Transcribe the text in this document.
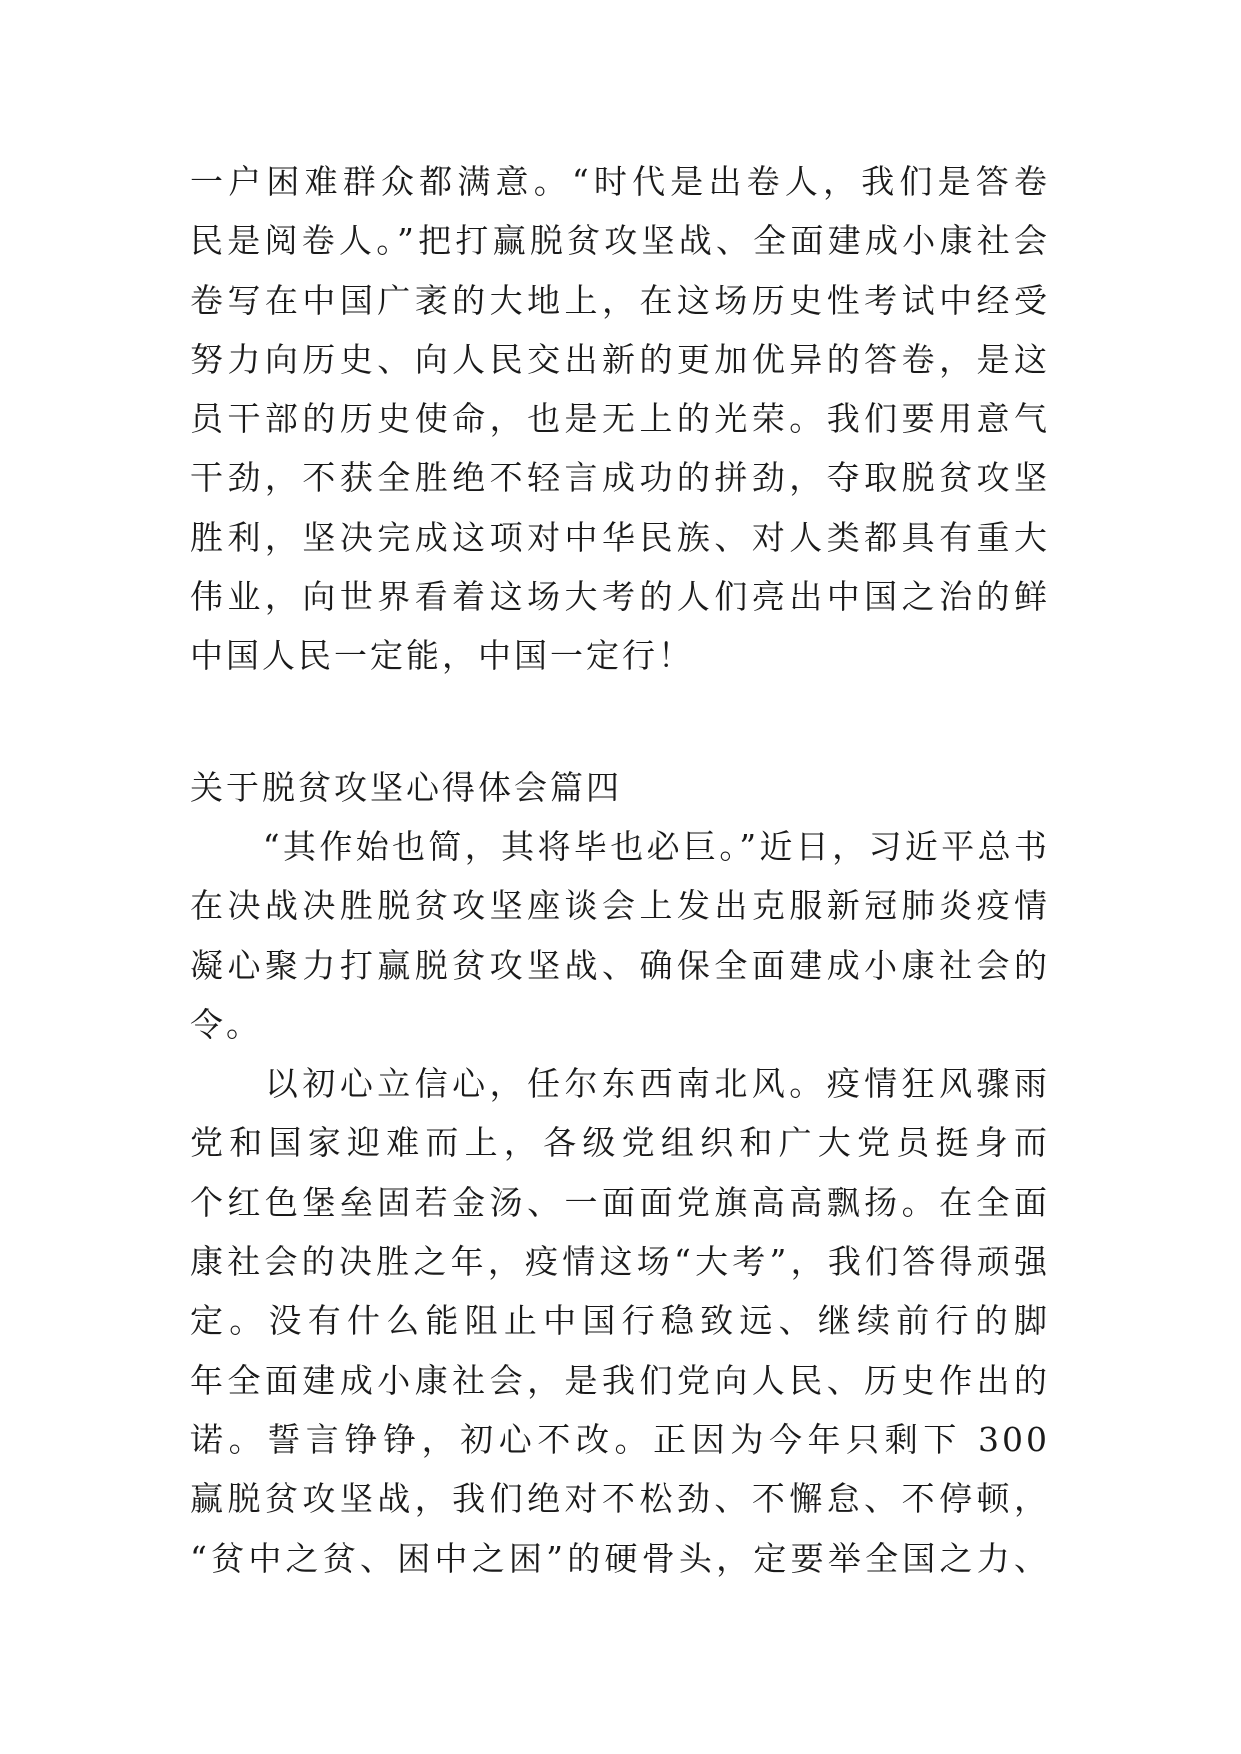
一户困难群众都满意。“时代是出卷人，我们是答卷
民是阅卷人。”把打赢脱贫攻坚战、全面建成小康社会
卷写在中国广袤的大地上，在这场历史性考试中经受
努力向历史、向人民交出新的更加优异的答卷，是这
员干部的历史使命，也是无上的光荣。我们要用意气
干劲，不获全胜绝不轻言成功的拼劲，夺取脱贫攻坚
胜利，坚决完成这项对中华民族、对人类都具有重大
伟业，向世界看着这场大考的人们亮出中国之治的鲜
中国人民一定能，中国一定行！
关于脱贫攻坚心得体会篇四
　　“其作始也简，其将毕也必巨。”近日，习近平总书
在决战决胜脱贫攻坚座谈会上发出克服新冠肺炎疫情
凝心聚力打赢脱贫攻坚战、确保全面建成小康社会的
令。
　　以初心立信心，任尔东西南北风。疫情狂风骤雨
党和国家迎难而上，各级党组织和广大党员挺身而
个红色堡垒固若金汤、一面面党旗高高飘扬。在全面
康社会的决胜之年，疫情这场“大考”，我们答得顽强
定。没有什么能阻止中国行稳致远、继续前行的脚
年全面建成小康社会，是我们党向人民、历史作出的
诺。誓言铮铮，初心不改。正因为今年只剩下 300
赢脱贫攻坚战，我们绝对不松劲、不懈怠、不停顿，
“贫中之贫、困中之困”的硬骨头，定要举全国之力、
